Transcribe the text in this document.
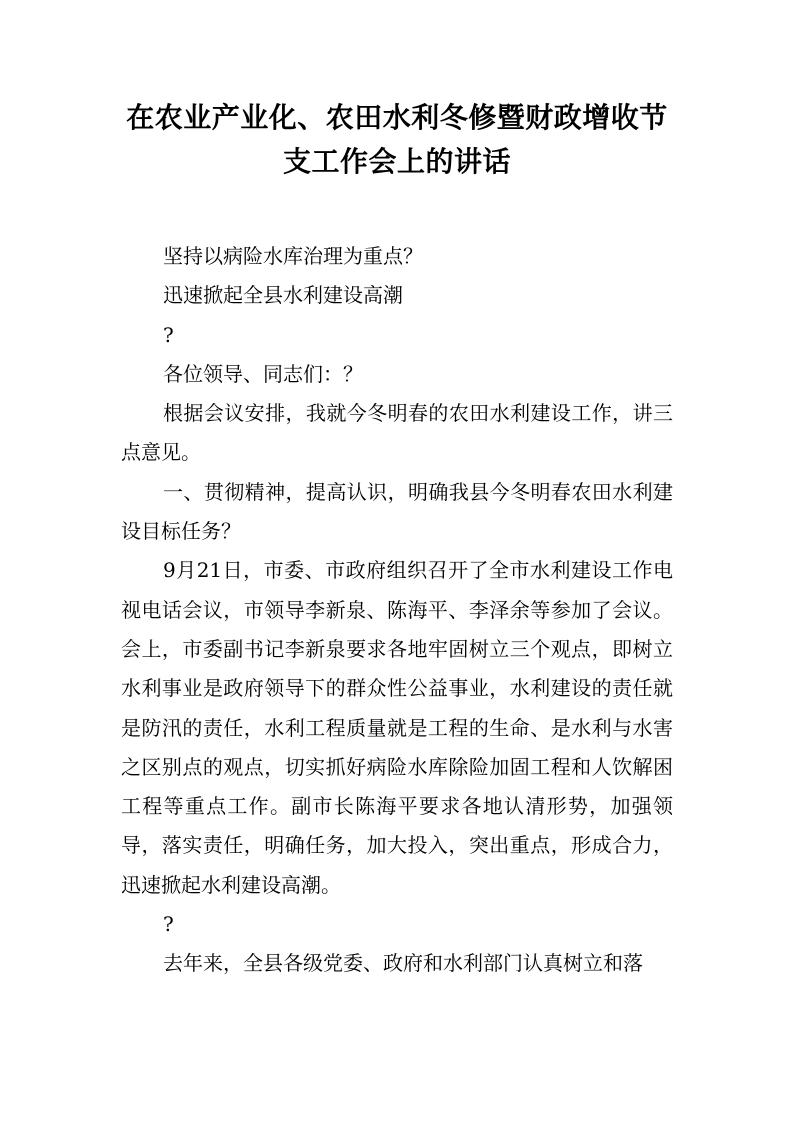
在农业产业化、农田水利冬修暨财政增收节
支工作会上的讲话

坚持以病险水库治理为重点？

迅速掀起全县水利建设高潮

?

各位领导、同志们：？

根据会议安排，我就今冬明春的农田水利建设工作，讲三点意见。

一、贯彻精神，提高认识，明确我县今冬明春农田水利建设目标任务？

9月21日，市委、市政府组织召开了全市水利建设工作电视电话会议，市领导李新泉、陈海平、李泽余等参加了会议。会上，市委副书记李新泉要求各地牢固树立三个观点，即树立水利事业是政府领导下的群众性公益事业，水利建设的责任就是防汛的责任，水利工程质量就是工程的生命、是水利与水害之区别点的观点，切实抓好病险水库除险加固工程和人饮解困工程等重点工作。副市长陈海平要求各地认清形势，加强领导，落实责任，明确任务，加大投入，突出重点，形成合力，迅速掀起水利建设高潮。

?

去年来，全县各级党委、政府和水利部门认真树立和落
